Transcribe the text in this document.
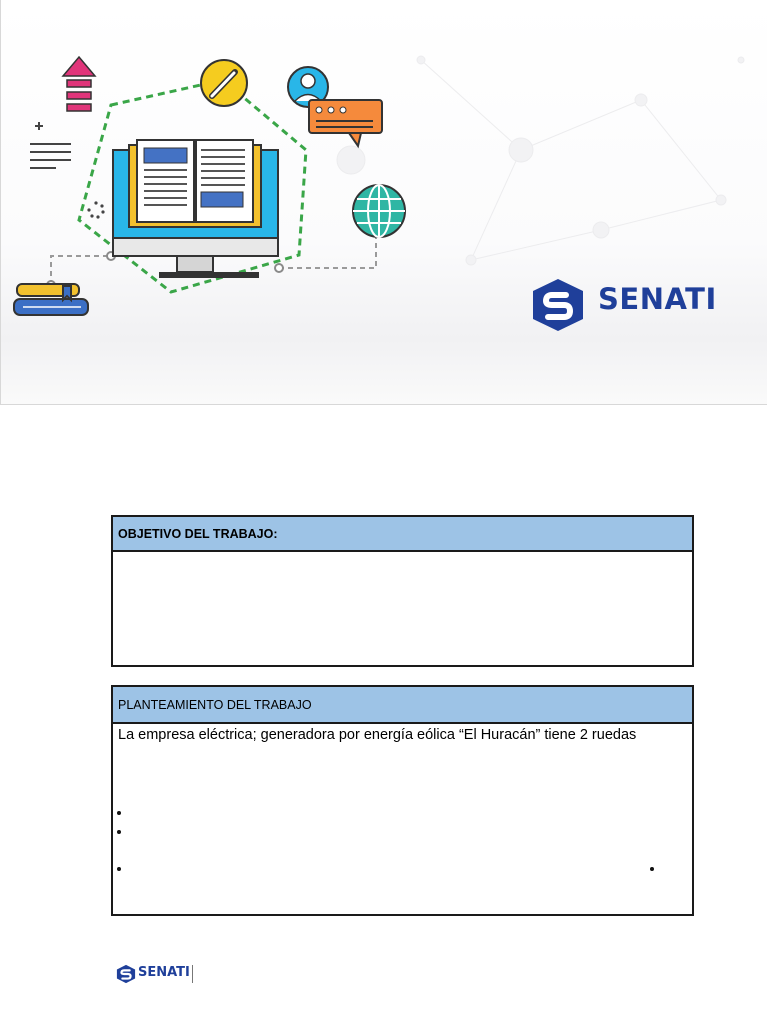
SENATI
OBJETIVO DEL TRABAJO:
PLANTEAMIENTO DEL TRABAJO
La empresa eléctrica; generadora por energía eólica “El Huracán” tiene 2 ruedas
SENATI
